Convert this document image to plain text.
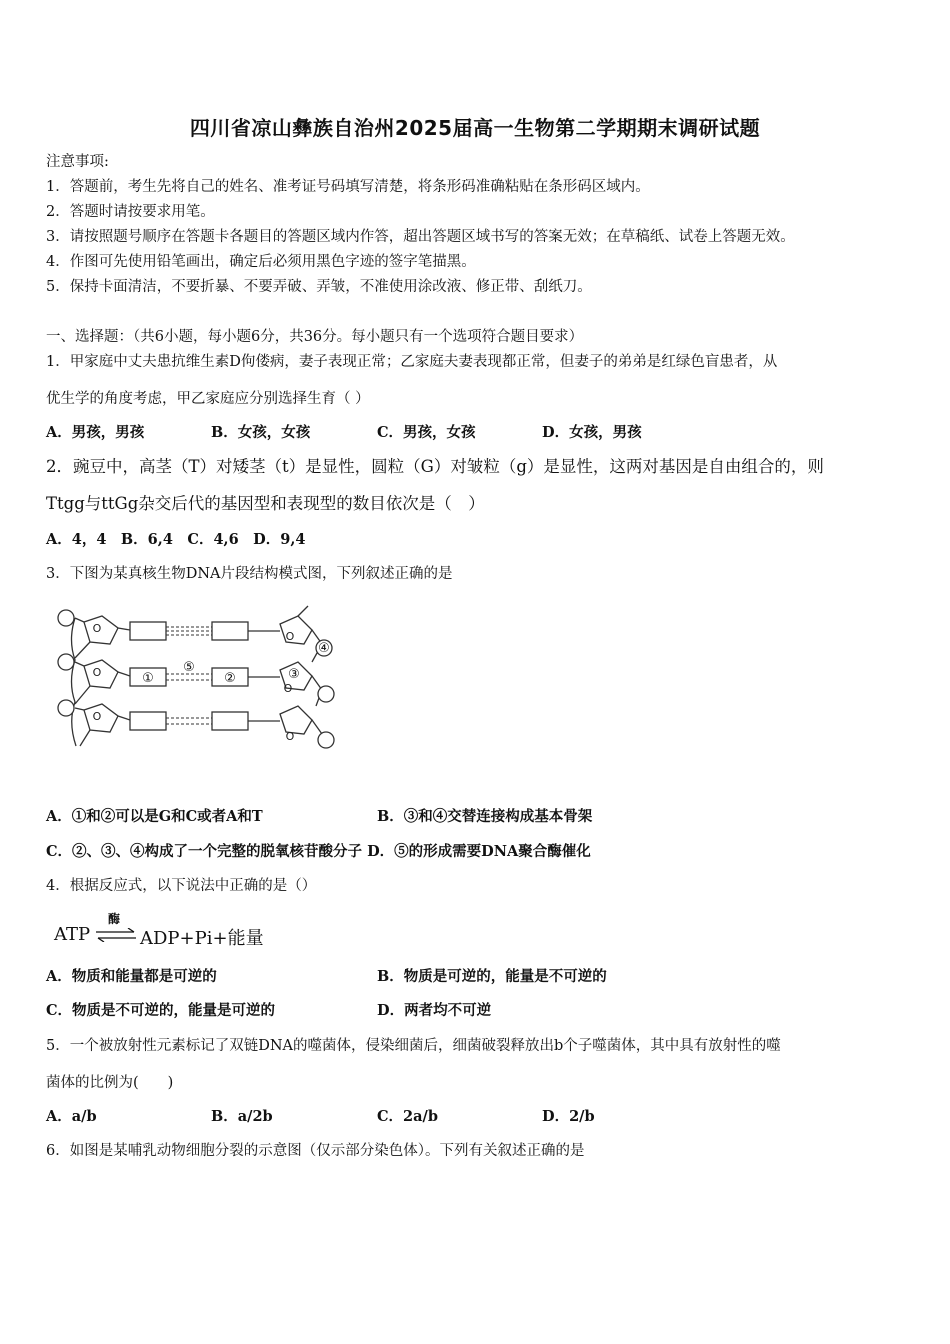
四川省凉山彝族自治州2025届高一生物第二学期期末调研试题
注意事项:
1．答题前，考生先将自己的姓名、准考证号码填写清楚，将条形码准确粘贴在条形码区域内。
2．答题时请按要求用笔。
3．请按照题号顺序在答题卡各题目的答题区域内作答，超出答题区域书写的答案无效；在草稿纸、试卷上答题无效。
4．作图可先使用铅笔画出，确定后必须用黑色字迹的签字笔描黑。
5．保持卡面清洁，不要折暴、不要弄破、弄皱，不准使用涂改液、修正带、刮纸刀。
一、选择题：（共6小题，每小题6分，共36分。每小题只有一个选项符合题目要求）
1．甲家庭中丈夫患抗维生素D佝偻病，妻子表现正常；乙家庭夫妻表现都正常，但妻子的弟弟是红绿色盲患者，从
优生学的角度考虑，甲乙家庭应分别选择生育（ ）
A．男孩，男孩	B．女孩，女孩	C．男孩，女孩	D．女孩，男孩
2．豌豆中，高茎（T）对矮茎（t）是显性，圆粒（G）对皱粒（g）是显性，这两对基因是自由组合的，则
Ttgg与ttGg杂交后代的基因型和表现型的数目依次是（　）
A．4，4　B．6,4　C．4,6　D．9,4
3．下图为某真核生物DNA片段结构模式图，下列叙述正确的是
O
O
O
O
O
O
①	②	③
④
⑤
A．①和②可以是G和C或者A和T	B．③和④交替连接构成基本骨架
C．②、③、④构成了一个完整的脱氧核苷酸分子 D．⑤的形成需要DNA聚合酶催化
4．根据反应式，以下说法中正确的是（）
ATP
酶
⇌ ADP+Pi+能量
A．物质和能量都是可逆的	B．物质是可逆的，能量是不可逆的
C．物质是不可逆的，能量是可逆的	D．两者均不可逆
5．一个被放射性元素标记了双链DNA的噬菌体，侵染细菌后，细菌破裂释放出b个子噬菌体，其中具有放射性的噬
菌体的比例为(　　)
A．a/b	B．a/2b	C．2a/b	D．2/b
6．如图是某哺乳动物细胞分裂的示意图（仅示部分染色体）。下列有关叙述正确的是
